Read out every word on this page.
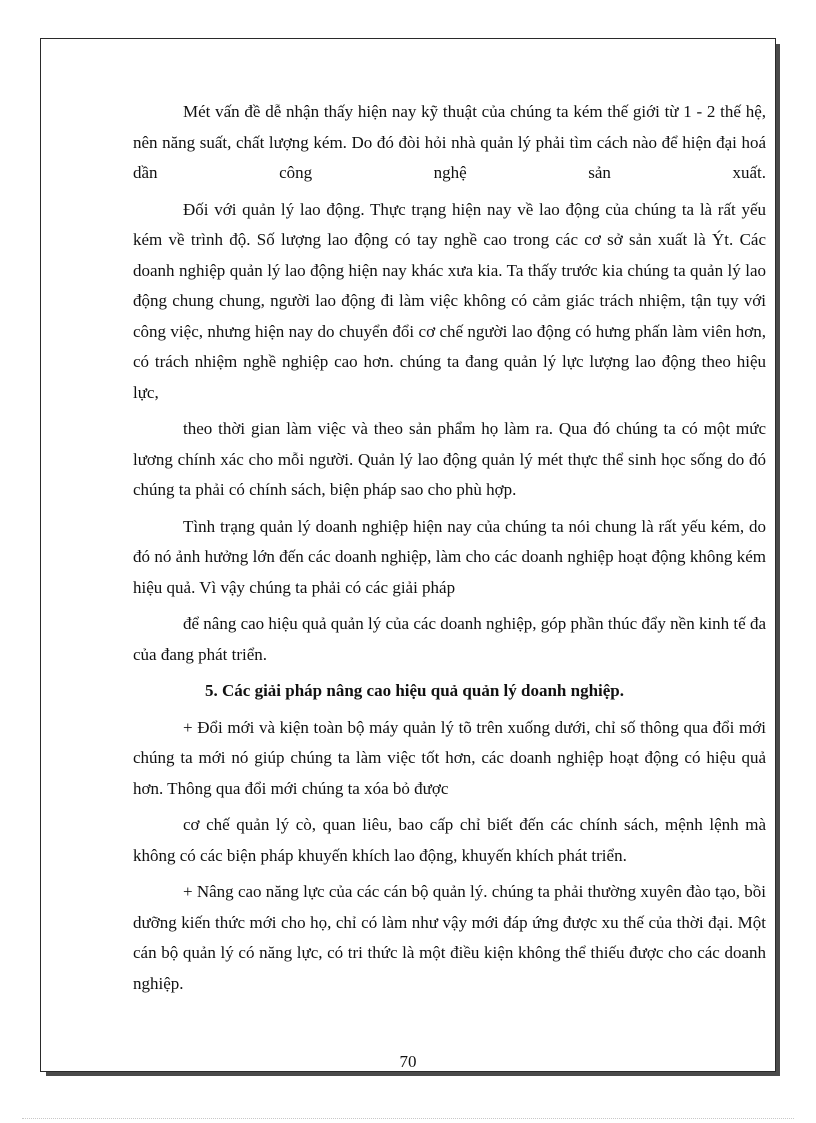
Mét vấn đề dễ nhận thấy hiện nay kỹ thuật của chúng ta kém thế giới từ 1 - 2 thế hệ, nên năng suất, chất lượng kém. Do đó đòi hỏi nhà quản lý phải tìm cách nào để hiện đại hoá dần công nghệ sản xuất.

Đối với quản lý lao động. Thực trạng hiện nay về lao động của chúng ta là rất yếu kém về trình độ. Số lượng lao động có tay nghề cao trong các cơ sở sản xuất là Ýt. Các doanh nghiệp quản lý lao động hiện nay khác xưa kia. Ta thấy trước kia chúng ta quản lý lao động chung chung, người lao động đi làm việc không có cảm giác trách nhiệm, tận tụy với công việc, nhưng hiện nay do chuyển đổi cơ chế người lao động có hưng phấn làm viên hơn, có trách nhiệm nghề nghiệp cao hơn. chúng ta đang quản lý lực lượng lao động theo hiệu lực,

theo thời gian làm việc và theo sản phẩm họ làm ra. Qua đó chúng ta có một mức lương chính xác cho mỗi người. Quản lý lao động quản lý mét thực thể sinh học sống do đó chúng ta phải có chính sách, biện pháp sao cho phù hợp.

Tình trạng quản lý doanh nghiệp hiện nay của chúng ta nói chung là rất yếu kém, do đó nó ảnh hưởng lớn đến các doanh nghiệp, làm cho các doanh nghiệp hoạt động không kém hiệu quả. Vì vậy chúng ta phải có các giải pháp

để nâng cao hiệu quả quản lý của các doanh nghiệp, góp phần thúc đẩy nền kinh tế đa của đang phát triển.

5. Các giải pháp nâng cao hiệu quả quản lý doanh nghiệp.

+ Đổi mới và kiện toàn bộ máy quản lý tõ trên xuống dưới, chỉ số thông qua đổi mới chúng ta mới nó giúp chúng ta làm việc tốt hơn, các doanh nghiệp hoạt động có hiệu quả hơn. Thông qua đổi mới chúng ta xóa bỏ được

cơ chế quản lý cò, quan liêu, bao cấp chỉ biết đến các chính sách, mệnh lệnh mà không có các biện pháp khuyến khích lao động, khuyến khích phát triển.

+ Nâng cao năng lực của các cán bộ quản lý. chúng ta phải thường xuyên đào tạo, bồi dưỡng kiến thức mới cho họ, chỉ có làm như vậy mới đáp ứng được xu thế của thời đại. Một cán bộ quản lý có năng lực, có tri thức là một điều kiện không thể thiếu được cho các doanh nghiệp.

70
